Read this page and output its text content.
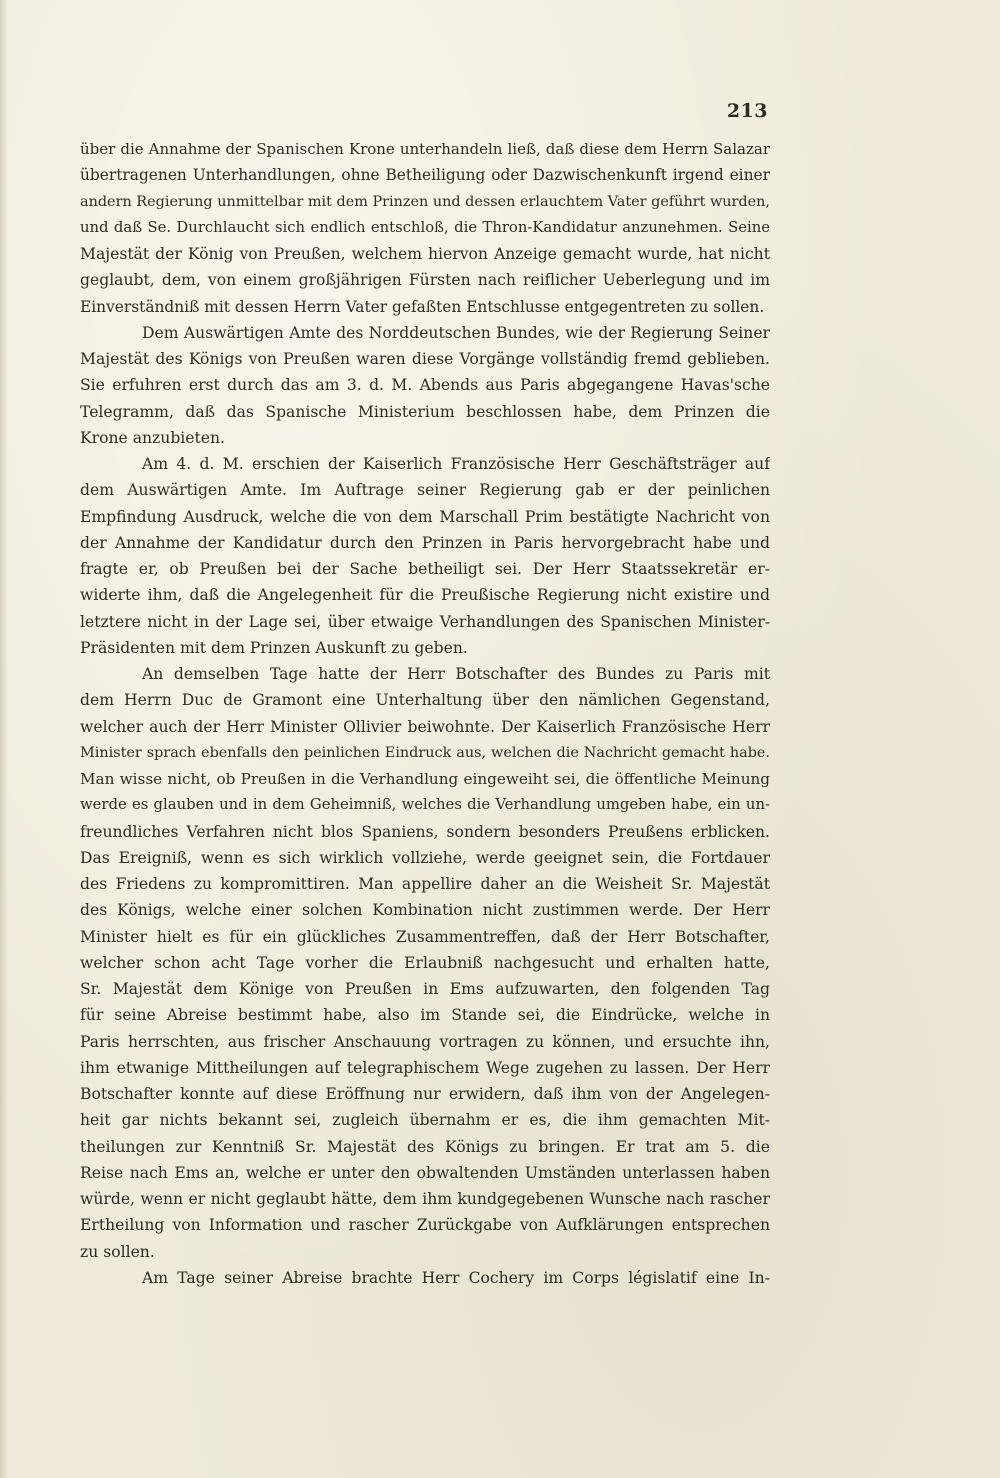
213
über die Annahme der Spanischen Krone unterhandeln ließ, daß diese dem Herrn Salazar
übertragenen Unterhandlungen, ohne Betheiligung oder Dazwischenkunft irgend einer
andern Regierung unmittelbar mit dem Prinzen und dessen erlauchtem Vater geführt wurden,
und daß Se. Durchlaucht sich endlich entschloß, die Thron-Kandidatur anzunehmen. Seine
Majestät der König von Preußen, welchem hiervon Anzeige gemacht wurde, hat nicht
geglaubt, dem, von einem großjährigen Fürsten nach reiflicher Ueberlegung und im
Einverständniß mit dessen Herrn Vater gefaßten Entschlusse entgegentreten zu sollen.
Dem Auswärtigen Amte des Norddeutschen Bundes, wie der Regierung Seiner
Majestät des Königs von Preußen waren diese Vorgänge vollständig fremd geblieben.
Sie erfuhren erst durch das am 3. d. M. Abends aus Paris abgegangene Havas'sche
Telegramm, daß das Spanische Ministerium beschlossen habe, dem Prinzen die
Krone anzubieten.
Am 4. d. M. erschien der Kaiserlich Französische Herr Geschäftsträger auf
dem Auswärtigen Amte. Im Auftrage seiner Regierung gab er der peinlichen
Empfindung Ausdruck, welche die von dem Marschall Prim bestätigte Nachricht von
der Annahme der Kandidatur durch den Prinzen in Paris hervorgebracht habe und
fragte er, ob Preußen bei der Sache betheiligt sei. Der Herr Staatssekretär er-
widerte ihm, daß die Angelegenheit für die Preußische Regierung nicht existire und
letztere nicht in der Lage sei, über etwaige Verhandlungen des Spanischen Minister-
Präsidenten mit dem Prinzen Auskunft zu geben.
An demselben Tage hatte der Herr Botschafter des Bundes zu Paris mit
dem Herrn Duc de Gramont eine Unterhaltung über den nämlichen Gegenstand,
welcher auch der Herr Minister Ollivier beiwohnte. Der Kaiserlich Französische Herr
Minister sprach ebenfalls den peinlichen Eindruck aus, welchen die Nachricht gemacht habe.
Man wisse nicht, ob Preußen in die Verhandlung eingeweiht sei, die öffentliche Meinung
werde es glauben und in dem Geheimniß, welches die Verhandlung umgeben habe, ein un-
freundliches Verfahren nicht blos Spaniens, sondern besonders Preußens erblicken.
Das Ereigniß, wenn es sich wirklich vollziehe, werde geeignet sein, die Fortdauer
des Friedens zu kompromittiren. Man appellire daher an die Weisheit Sr. Majestät
des Königs, welche einer solchen Kombination nicht zustimmen werde. Der Herr
Minister hielt es für ein glückliches Zusammentreffen, daß der Herr Botschafter,
welcher schon acht Tage vorher die Erlaubniß nachgesucht und erhalten hatte,
Sr. Majestät dem Könige von Preußen in Ems aufzuwarten, den folgenden Tag
für seine Abreise bestimmt habe, also im Stande sei, die Eindrücke, welche in
Paris herrschten, aus frischer Anschauung vortragen zu können, und ersuchte ihn,
ihm etwanige Mittheilungen auf telegraphischem Wege zugehen zu lassen. Der Herr
Botschafter konnte auf diese Eröffnung nur erwidern, daß ihm von der Angelegen-
heit gar nichts bekannt sei, zugleich übernahm er es, die ihm gemachten Mit-
theilungen zur Kenntniß Sr. Majestät des Königs zu bringen. Er trat am 5. die
Reise nach Ems an, welche er unter den obwaltenden Umständen unterlassen haben
würde, wenn er nicht geglaubt hätte, dem ihm kundgegebenen Wunsche nach rascher
Ertheilung von Information und rascher Zurückgabe von Aufklärungen entsprechen
zu sollen.
Am Tage seiner Abreise brachte Herr Cochery im Corps législatif eine In-
